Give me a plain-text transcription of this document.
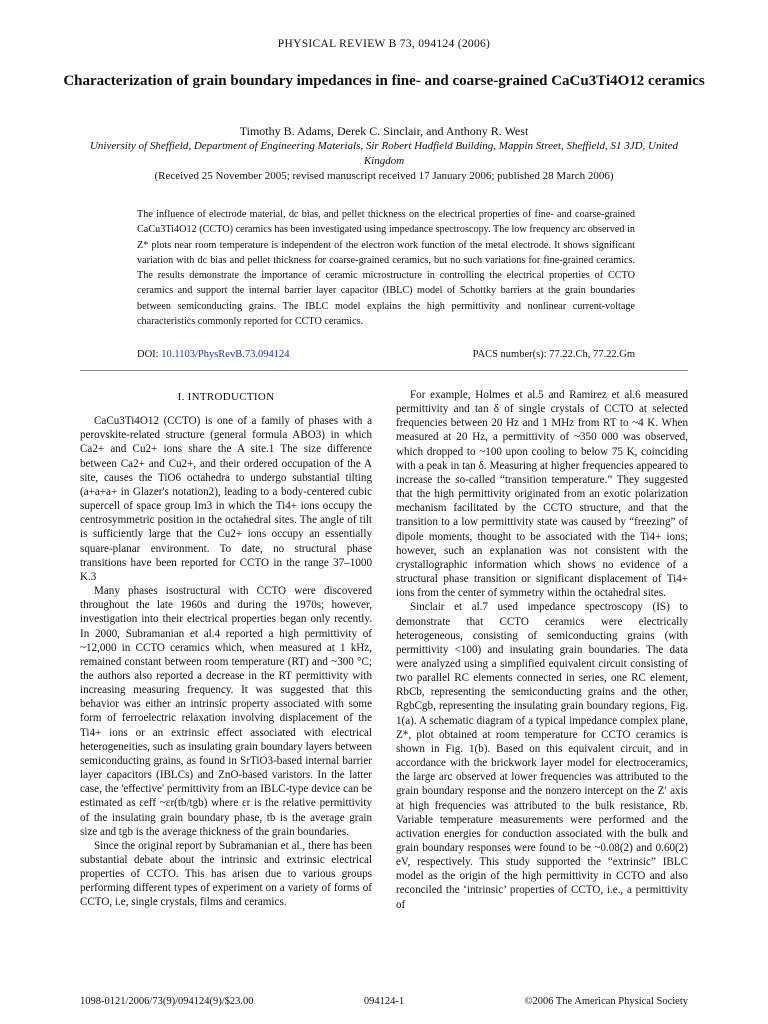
PHYSICAL REVIEW B 73, 094124 (2006)
Characterization of grain boundary impedances in fine- and coarse-grained CaCu3Ti4O12 ceramics
Timothy B. Adams, Derek C. Sinclair, and Anthony R. West
University of Sheffield, Department of Engineering Materials, Sir Robert Hadfield Building, Mappin Street, Sheffield, S1 3JD, United Kingdom
(Received 25 November 2005; revised manuscript received 17 January 2006; published 28 March 2006)
The influence of electrode material, dc bias, and pellet thickness on the electrical properties of fine- and coarse-grained CaCu3Ti4O12 (CCTO) ceramics has been investigated using impedance spectroscopy. The low frequency arc observed in Z* plots near room temperature is independent of the electron work function of the metal electrode. It shows significant variation with dc bias and pellet thickness for coarse-grained ceramics, but no such variations for fine-grained ceramics. The results demonstrate the importance of ceramic microstructure in controlling the electrical properties of CCTO ceramics and support the internal barrier layer capacitor (IBLC) model of Schottky barriers at the grain boundaries between semiconducting grains. The IBLC model explains the high permittivity and nonlinear current-voltage characteristics commonly reported for CCTO ceramics.
DOI: 10.1103/PhysRevB.73.094124	PACS number(s): 77.22.Ch, 77.22.Gm
I. INTRODUCTION

CaCu3Ti4O12 (CCTO) is one of a family of phases with a perovskite-related structure (general formula ABO3) in which Ca2+ and Cu2+ ions share the A site.1 The size difference between Ca2+ and Cu2+, and their ordered occupation of the A site, causes the TiO6 octahedra to undergo substantial tilting (a+a+a+ in Glazer's notation2), leading to a body-centered cubic supercell of space group Im3 in which the Ti4+ ions occupy the centrosymmetric position in the octahedral sites. The angle of tilt is sufficiently large that the Cu2+ ions occupy an essentially square-planar environment. To date, no structural phase transitions have been reported for CCTO in the range 37–1000 K.3

Many phases isostructural with CCTO were discovered throughout the late 1960s and during the 1970s; however, investigation into their electrical properties began only recently. In 2000, Subramanian et al.4 reported a high permittivity of ~12,000 in CCTO ceramics which, when measured at 1 kHz, remained constant between room temperature (RT) and ~300 °C; the authors also reported a decrease in the RT permittivity with increasing measuring frequency. It was suggested that this behavior was either an intrinsic property associated with some form of ferroelectric relaxation involving displacement of the Ti4+ ions or an extrinsic effect associated with electrical heterogeneities, such as insulating grain boundary layers between semiconducting grains, as found in SrTiO3-based internal barrier layer capacitors (IBLCs) and ZnO-based varistors. In the latter case, the 'effective' permittivity from an IBLC-type device can be estimated as εeff ~εr(tb/tgb) where εr is the relative permittivity of the insulating grain boundary phase, tb is the average grain size and tgb is the average thickness of the grain boundaries.

Since the original report by Subramanian et al., there has been substantial debate about the intrinsic and extrinsic electrical properties of CCTO. This has arisen due to various groups performing different types of experiment on a variety of forms of CCTO, i.e, single crystals, films and ceramics.

For example, Holmes et al.5 and Ramirez et al.6 measured permittivity and tan δ of single crystals of CCTO at selected frequencies between 20 Hz and 1 MHz from RT to ~4 K. When measured at 20 Hz, a permittivity of ~350 000 was observed, which dropped to ~100 upon cooling to below 75 K, coinciding with a peak in tan δ. Measuring at higher frequencies appeared to increase the so-called “transition temperature.” They suggested that the high permittivity originated from an exotic polarization mechanism facilitated by the CCTO structure, and that the transition to a low permittivity state was caused by “freezing” of dipole moments, thought to be associated with the Ti4+ ions; however, such an explanation was not consistent with the crystallographic information which shows no evidence of a structural phase transition or significant displacement of Ti4+ ions from the center of symmetry within the octahedral sites.

Sinclair et al.7 used impedance spectroscopy (IS) to demonstrate that CCTO ceramics were electrically heterogeneous, consisting of semiconducting grains (with permittivity <100) and insulating grain boundaries. The data were analyzed using a simplified equivalent circuit consisting of two parallel RC elements connected in series, one RC element, RbCb, representing the semiconducting grains and the other, RgbCgb, representing the insulating grain boundary regions, Fig. 1(a). A schematic diagram of a typical impedance complex plane, Z*, plot obtained at room temperature for CCTO ceramics is shown in Fig. 1(b). Based on this equivalent circuit, and in accordance with the brickwork layer model for electroceramics, the large arc observed at lower frequencies was attributed to the grain boundary response and the nonzero intercept on the Z′ axis at high frequencies was attributed to the bulk resistance, Rb. Variable temperature measurements were performed and the activation energies for conduction associated with the bulk and grain boundary responses were found to be ~0.08(2) and 0.60(2) eV, respectively. This study supported the “extrinsic” IBLC model as the origin of the high permittivity in CCTO and also reconciled the ‘intrinsic’ properties of CCTO, i.e., a permittivity of

1098-0121/2006/73(9)/094124(9)/$23.00	094124-1	©2006 The American Physical Society
